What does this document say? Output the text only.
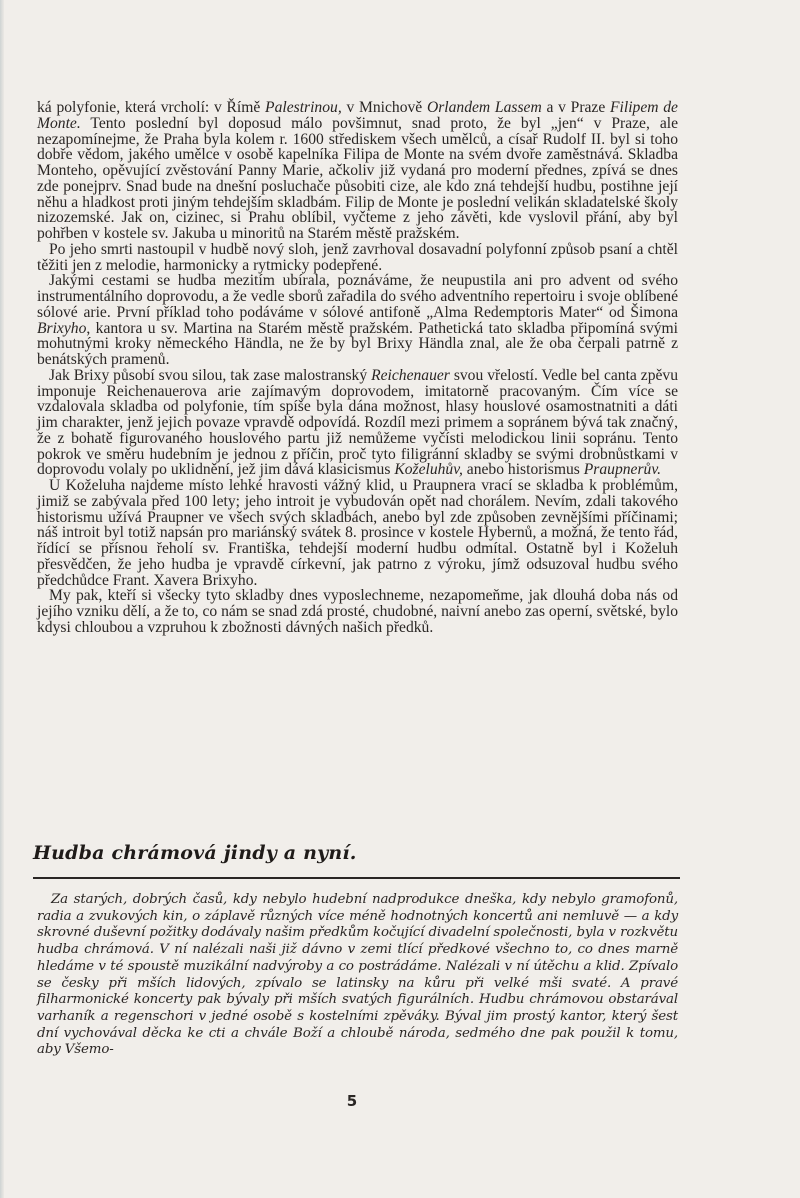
ká polyfonie, která vrcholí: v Římě Palestrinou, v Mnichově Orlandem Lassem a v Praze Filipem de Monte. Tento poslední byl doposud málo povšimnut, snad proto, že byl „jen“ v Praze, ale nezapomínejme, že Praha byla kolem r. 1600 střediskem všech umělců, a císař Rudolf II. byl si toho dobře vědom, jakého umělce v osobě kapelníka Filipa de Monte na svém dvoře zaměstnává. Skladba Monteho, opěvující zvěstování Panny Marie, ačkoliv již vydaná pro moderní přednes, zpívá se dnes zde ponejprv. Snad bude na dnešní posluchače působiti cize, ale kdo zná tehdejší hudbu, postihne její něhu a hladkost proti jiným tehdejším skladbám. Filip de Monte je poslední velikán skladatelské školy nizozemské. Jak on, cizinec, si Prahu oblíbil, vyčteme z jeho závěti, kde vyslovil přání, aby byl pohřben v kostele sv. Jakuba u minoritů na Starém městě pražském.

Po jeho smrti nastoupil v hudbě nový sloh, jenž zavrhoval dosavadní polyfonní způsob psaní a chtěl těžiti jen z melodie, harmonicky a rytmicky podepřené.

Jakými cestami se hudba mezitím ubírala, poznáváme, že neupustila ani pro advent od svého instrumentálního doprovodu, a že vedle sborů zařadila do svého adventního repertoiru i svoje oblíbené sólové arie. První příklad toho podáváme v sólové antifoně „Alma Redemptoris Mater“ od Šimona Brixyho, kantora u sv. Martina na Starém městě pražském. Pathetická tato skladba připomíná svými mohutnými kroky německého Händla, ne že by byl Brixy Händla znal, ale že oba čerpali patrně z benátských pramenů.

Jak Brixy působí svou silou, tak zase malostranský Reichenauer svou vřelostí. Vedle bel canta zpěvu imponuje Reichenauerova arie zajímavým doprovodem, imitatorně pracovaným. Čím více se vzdalovala skladba od polyfonie, tím spíše byla dána možnost, hlasy houslové osamostnatniti a dáti jim charakter, jenž jejich povaze vpravdě odpovídá. Rozdíl mezi primem a sopránem bývá tak značný, že z bohatě figurovaného houslového partu již nemůžeme vyčísti melodickou linii sopránu. Tento pokrok ve směru hudebním je jednou z příčin, proč tyto filigránní skladby se svými drobnůstkami v doprovodu volaly po uklidnění, jež jim dává klasicismus Koželuhův, anebo historismus Praupnerův.

U Koželuha najdeme místo lehké hravosti vážný klid, u Praupnera vrací se skladba k problémům, jimiž se zabývala před 100 lety; jeho introit je vybudován opět nad chorálem. Nevím, zdali takového historismu užívá Praupner ve všech svých skladbách, anebo byl zde způsoben zevnějšími příčinami; náš introit byl totiž napsán pro mariánský svátek 8. prosince v kostele Hybernů, a možná, že tento řád, řídící se přísnou řeholí sv. Františka, tehdejší moderní hudbu odmítal. Ostatně byl i Koželuh přesvědčen, že jeho hudba je vpravdě církevní, jak patrno z výroku, jímž odsuzoval hudbu svého předchůdce Frant. Xavera Brixyho.

My pak, kteří si všecky tyto skladby dnes vyposlechneme, nezapomeňme, jak dlouhá doba nás od jejího vzniku dělí, a že to, co nám se snad zdá prosté, chudobné, naivní anebo zas operní, světské, bylo kdysi chloubou a vzpruhou k zbožnosti dávných našich předků.

Hudba chrámová jindy a nyní.

Za starých, dobrých časů, kdy nebylo hudební nadprodukce dneška, kdy nebylo gramofonů, radia a zvukových kin, o záplavě různých více méně hodnotných koncertů ani nemluvě — a kdy skrovné duševní požitky dodávaly našim předkům kočující divadelní společnosti, byla v rozkvětu hudba chrámová. V ní nalézali naši již dávno v zemi tlící předkové všechno to, co dnes marně hledáme v té spoustě muzikální nadvýroby a co postrádáme. Nalézali v ní útěchu a klid. Zpívalo se česky při mších lidových, zpívalo se latinsky na kůru při velké mši svaté. A pravé filharmonické koncerty pak bývaly při mších svatých figurálních. Hudbu chrámovou obstarával varhaník a regenschori v jedné osobě s kostelními zpěváky. Býval jim prostý kantor, který šest dní vychovával děcka ke cti a chvále Boží a chloubě národa, sedmého dne pak použil k tomu, aby Všemo-

5
